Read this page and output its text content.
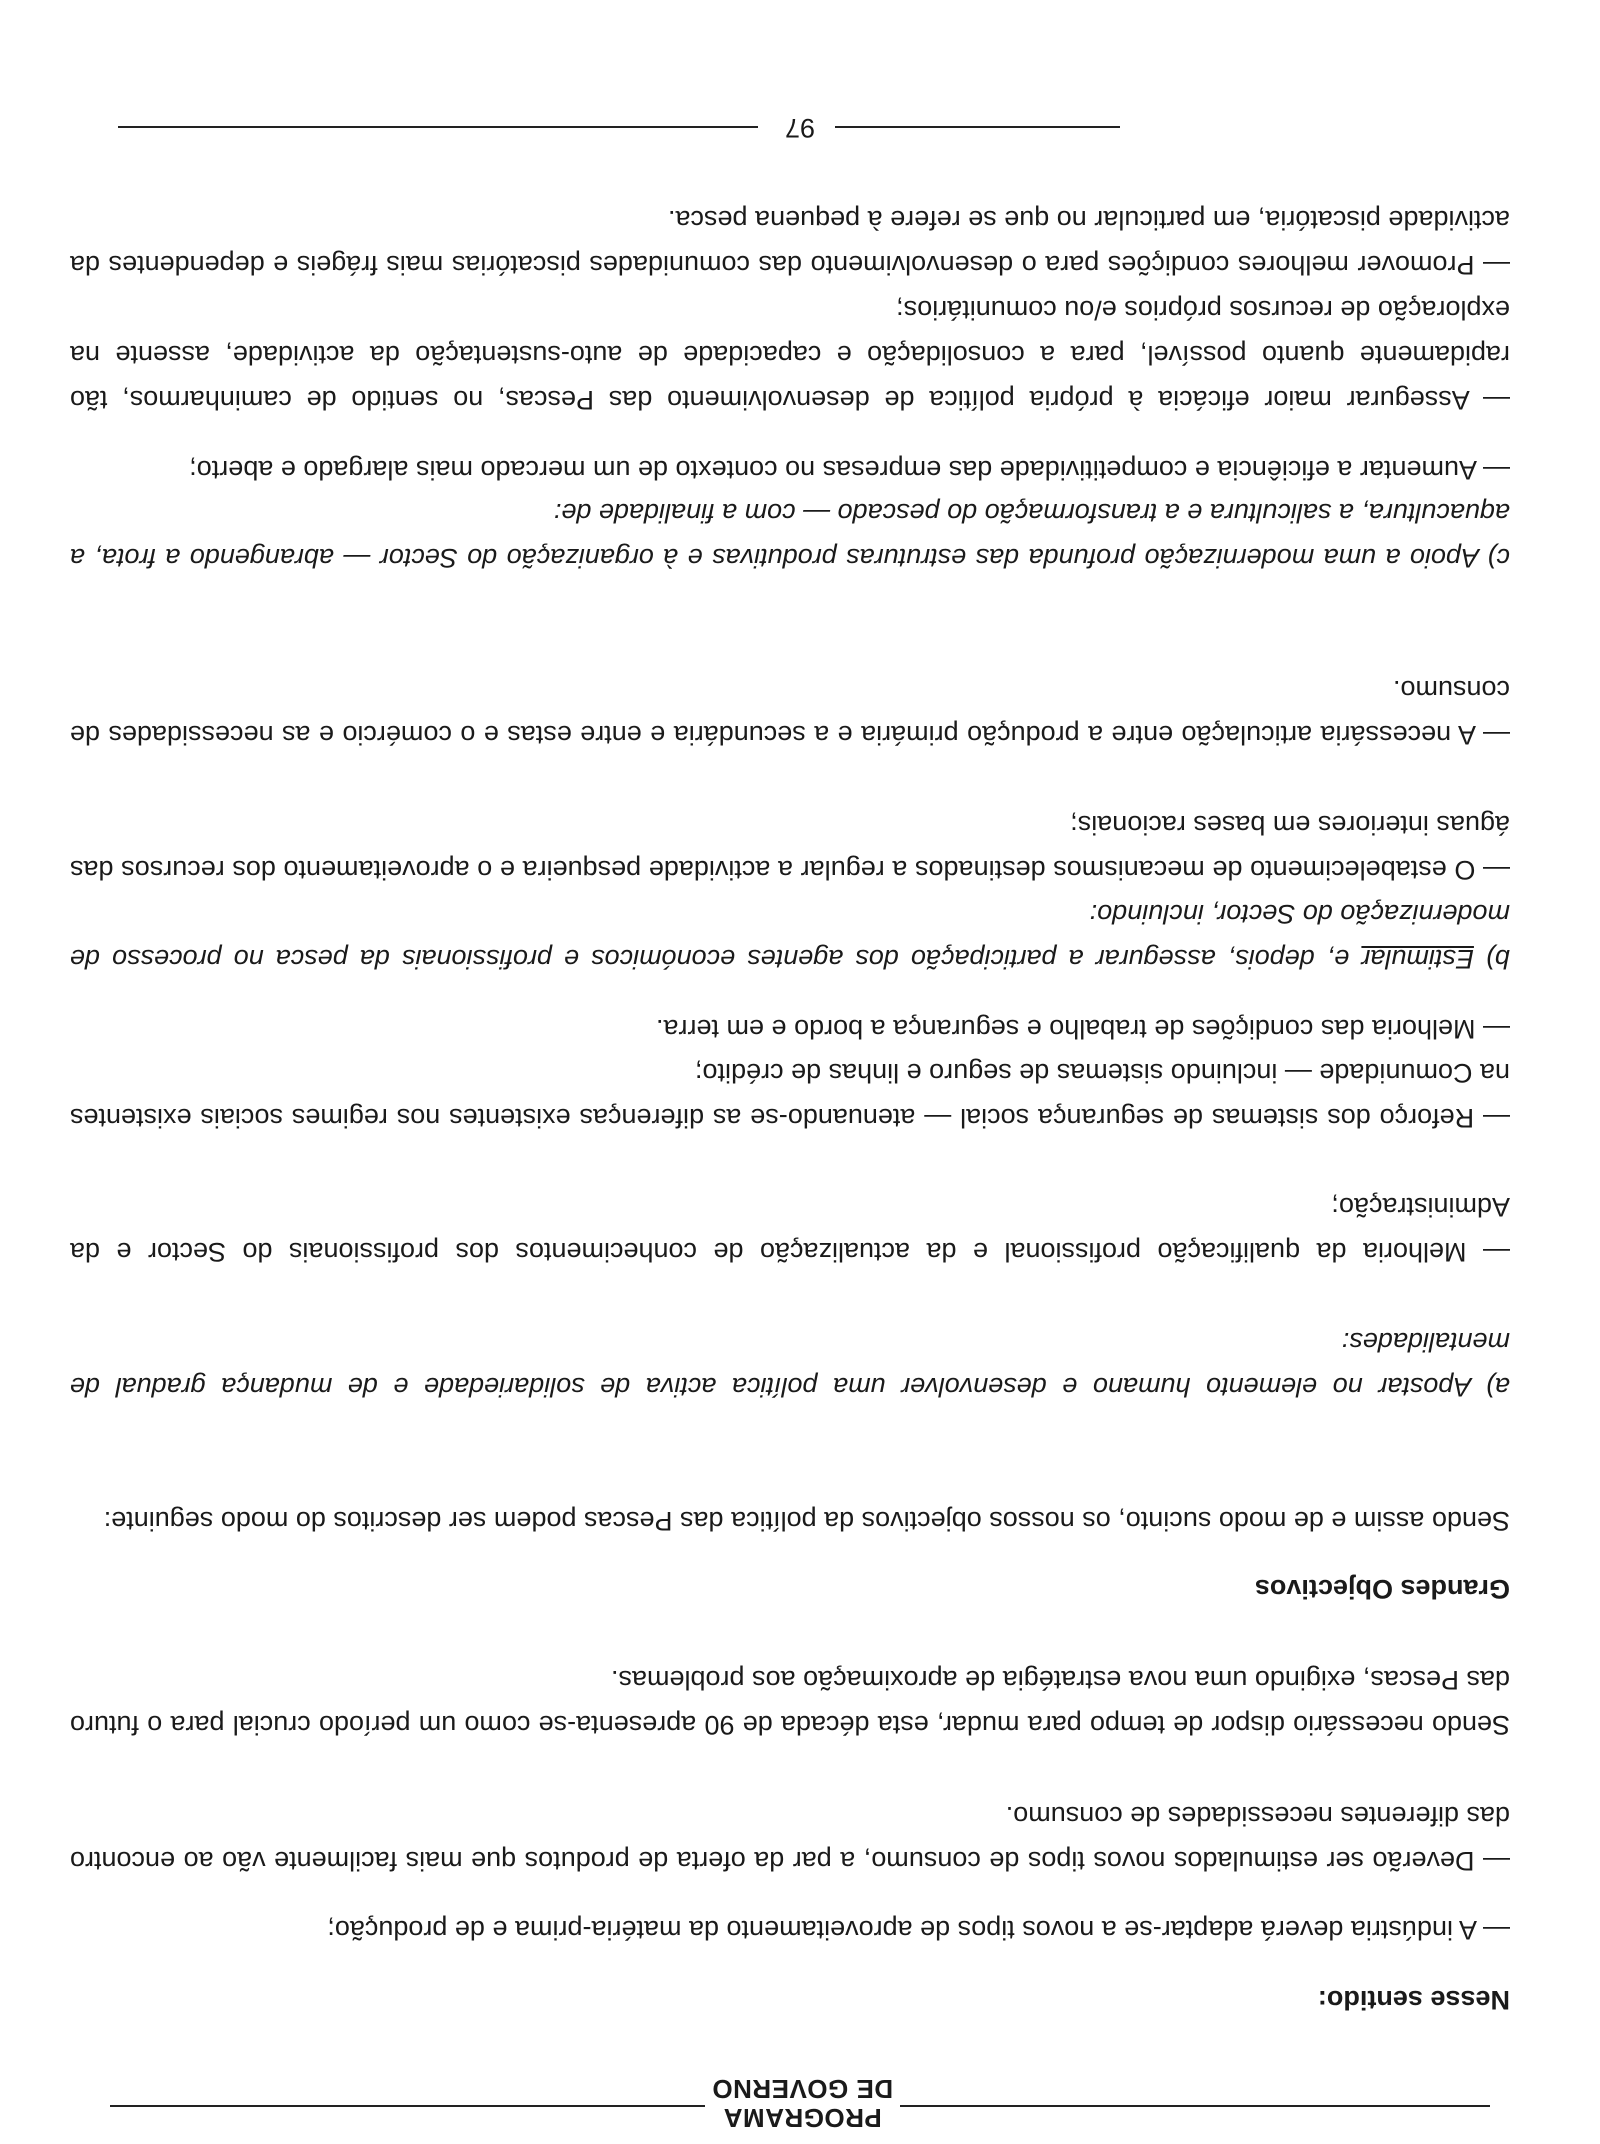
PROGRAMA
DE GOVERNO
Nesse sentido:
— A indústria deverá adaptar-se a novos tipos de aproveitamento da matéria-prima e de produção;
— Deverão ser estimulados novos tipos de consumo, a par da oferta de produtos que mais facilmente vão ao encontro das diferentes necessidades de consumo.
Sendo necessário dispor de tempo para mudar, esta década de 90 apresenta-se como um período crucial para o futuro das Pescas, exigindo uma nova estratégia de aproximação aos problemas.
Grandes Objectivos
Sendo assim e de modo sucinto, os nossos objectivos da política das Pescas podem ser descritos do modo seguinte:
a) Apostar no elemento humano e desenvolver uma política activa de solidariedade e de mudança gradual de mentalidades:
— Melhoria da qualificação profissional e da actualização de conhecimentos dos profissionais do Sector e da Administração;
— Reforço dos sistemas de segurança social — atenuando-se as diferenças existentes nos regimes sociais existentes na Comunidade — incluindo sistemas de seguro e linhas de crédito;
— Melhoria das condições de trabalho e segurança a bordo e em terra.
b) Estimular e, depois, assegurar a participação dos agentes económicos e profissionais da pesca no processo de modernização do Sector, incluindo:
— O estabelecimento de mecanismos destinados a regular a actividade pesqueira e o aproveitamento dos recursos das águas interiores em bases racionais;
— A necessária articulação entre a produção primária e a secundária e entre estas e o comércio e as necessidades de consumo.
c) Apoio a uma modernização profunda das estruturas produtivas e à organização do Sector — abrangendo a frota, a aquacultura, a salicultura e a transformação do pescado — com a finalidade de:
— Aumentar a eficiência e competitividade das empresas no contexto de um mercado mais alargado e aberto;
— Assegurar maior eficácia à própria política de desenvolvimento das Pescas, no sentido de caminharmos, tão rapidamente quanto possível, para a consolidação e capacidade de auto-sustentação da actividade, assente na exploração de recursos próprios e/ou comunitários;
— Promover melhores condições para o desenvolvimento das comunidades piscatórias mais frágeis e dependentes da actividade piscatória, em particular no que se refere à pequena pesca.
97
